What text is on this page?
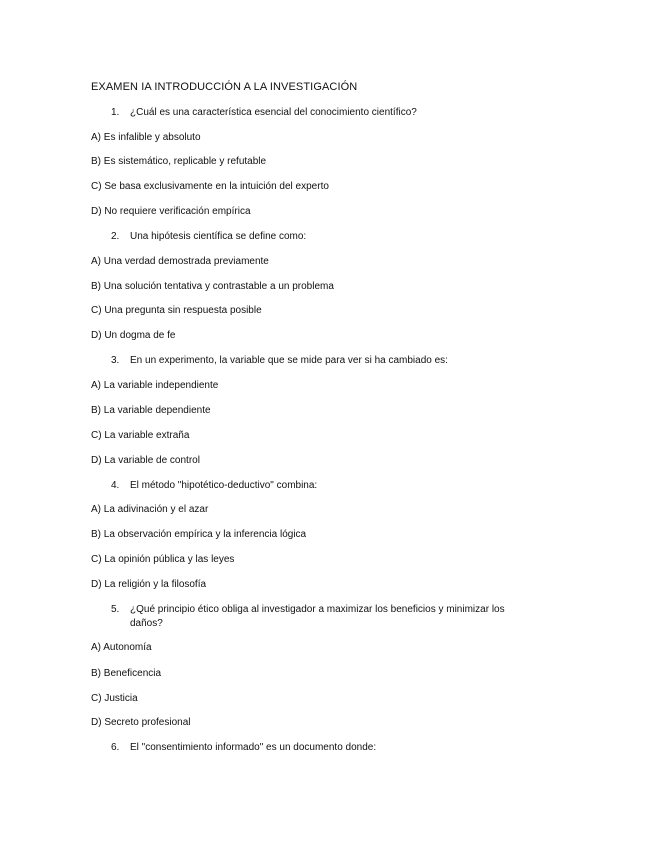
EXAMEN IA INTRODUCCIÓN A LA INVESTIGACIÓN
1.	¿Cuál es una característica esencial del conocimiento científico?
A) Es infalible y absoluto
B) Es sistemático, replicable y refutable
C) Se basa exclusivamente en la intuición del experto
D) No requiere verificación empírica
2.	Una hipótesis científica se define como:
A) Una verdad demostrada previamente
B) Una solución tentativa y contrastable a un problema
C) Una pregunta sin respuesta posible
D) Un dogma de fe
3.	En un experimento, la variable que se mide para ver si ha cambiado es:
A) La variable independiente
B) La variable dependiente
C) La variable extraña
D) La variable de control
4.	El método "hipotético-deductivo" combina:
A) La adivinación y el azar
B) La observación empírica y la inferencia lógica
C) La opinión pública y las leyes
D) La religión y la filosofía
5.	¿Qué principio ético obliga al investigador a maximizar los beneficios y minimizar los daños?
A) Autonomía
B) Beneficencia
C) Justicia
D) Secreto profesional
6.	El "consentimiento informado" es un documento donde:
